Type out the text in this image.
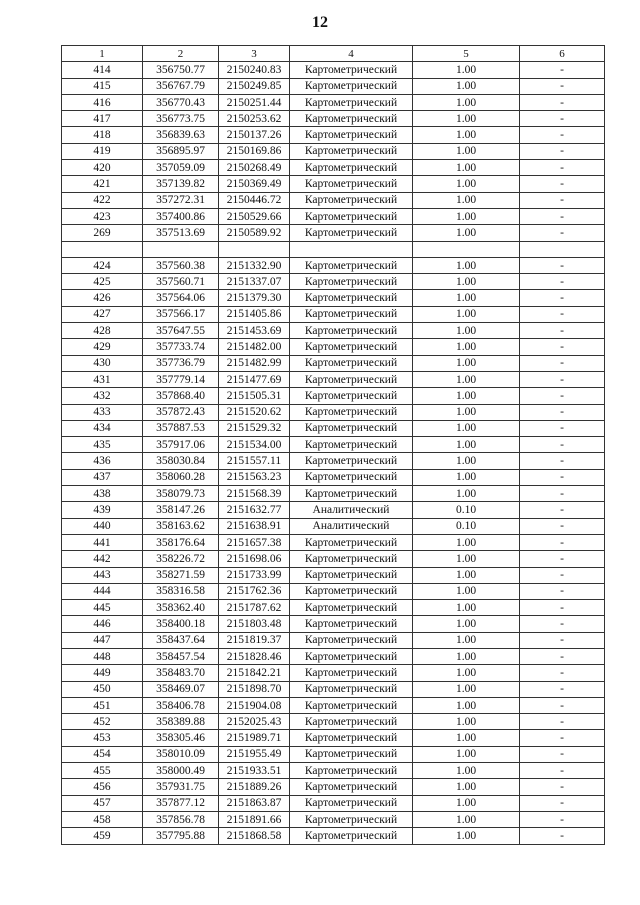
12
1	2	3	4	5	6
414	356750.77	2150240.83	Картометрический	1.00	-
415	356767.79	2150249.85	Картометрический	1.00	-
416	356770.43	2150251.44	Картометрический	1.00	-
417	356773.75	2150253.62	Картометрический	1.00	-
418	356839.63	2150137.26	Картометрический	1.00	-
419	356895.97	2150169.86	Картометрический	1.00	-
420	357059.09	2150268.49	Картометрический	1.00	-
421	357139.82	2150369.49	Картометрический	1.00	-
422	357272.31	2150446.72	Картометрический	1.00	-
423	357400.86	2150529.66	Картометрический	1.00	-
269	357513.69	2150589.92	Картометрический	1.00	-

424	357560.38	2151332.90	Картометрический	1.00	-
425	357560.71	2151337.07	Картометрический	1.00	-
426	357564.06	2151379.30	Картометрический	1.00	-
427	357566.17	2151405.86	Картометрический	1.00	-
428	357647.55	2151453.69	Картометрический	1.00	-
429	357733.74	2151482.00	Картометрический	1.00	-
430	357736.79	2151482.99	Картометрический	1.00	-
431	357779.14	2151477.69	Картометрический	1.00	-
432	357868.40	2151505.31	Картометрический	1.00	-
433	357872.43	2151520.62	Картометрический	1.00	-
434	357887.53	2151529.32	Картометрический	1.00	-
435	357917.06	2151534.00	Картометрический	1.00	-
436	358030.84	2151557.11	Картометрический	1.00	-
437	358060.28	2151563.23	Картометрический	1.00	-
438	358079.73	2151568.39	Картометрический	1.00	-
439	358147.26	2151632.77	Аналитический	0.10	-
440	358163.62	2151638.91	Аналитический	0.10	-
441	358176.64	2151657.38	Картометрический	1.00	-
442	358226.72	2151698.06	Картометрический	1.00	-
443	358271.59	2151733.99	Картометрический	1.00	-
444	358316.58	2151762.36	Картометрический	1.00	-
445	358362.40	2151787.62	Картометрический	1.00	-
446	358400.18	2151803.48	Картометрический	1.00	-
447	358437.64	2151819.37	Картометрический	1.00	-
448	358457.54	2151828.46	Картометрический	1.00	-
449	358483.70	2151842.21	Картометрический	1.00	-
450	358469.07	2151898.70	Картометрический	1.00	-
451	358406.78	2151904.08	Картометрический	1.00	-
452	358389.88	2152025.43	Картометрический	1.00	-
453	358305.46	2151989.71	Картометрический	1.00	-
454	358010.09	2151955.49	Картометрический	1.00	-
455	358000.49	2151933.51	Картометрический	1.00	-
456	357931.75	2151889.26	Картометрический	1.00	-
457	357877.12	2151863.87	Картометрический	1.00	-
458	357856.78	2151891.66	Картометрический	1.00	-
459	357795.88	2151868.58	Картометрический	1.00	-
